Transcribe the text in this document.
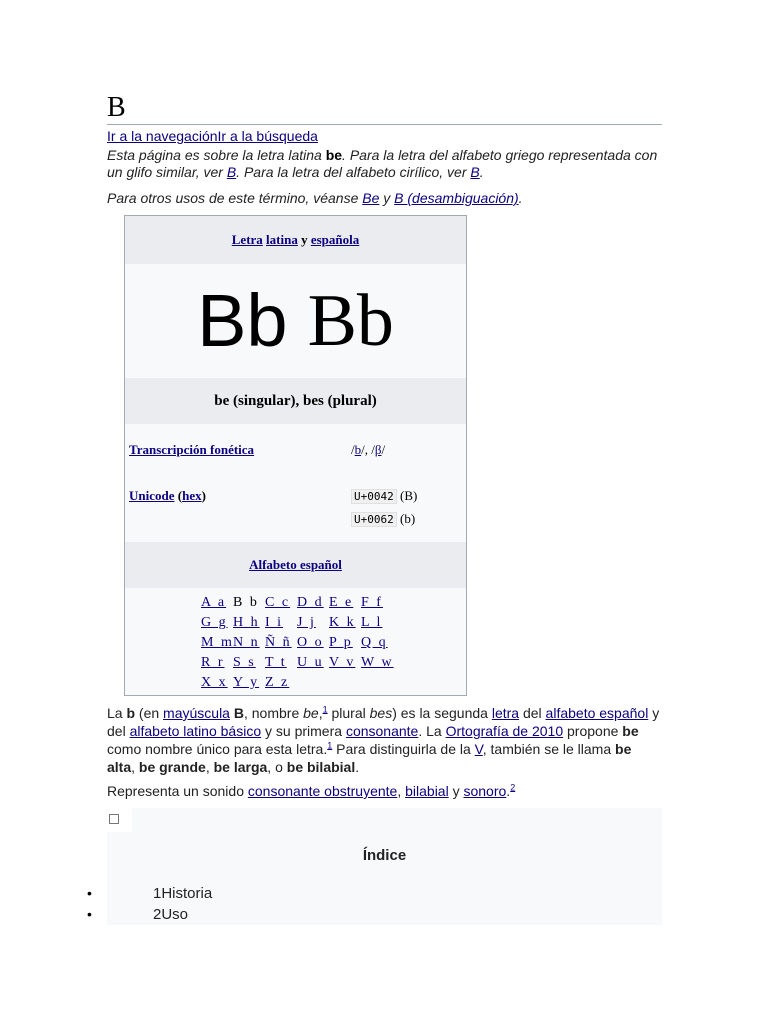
B
Ir a la navegaciónIr a la búsqueda
Esta página es sobre la letra latina be. Para la letra del alfabeto griego representada con un glifo similar, ver B. Para la letra del alfabeto cirílico, ver B.
Para otros usos de este término, véanse Be y B (desambiguación).
Letra
latina
y
española
Bb Bb
be (singular), bes (plural)
Transcripción fonética	/b/, /β/
Unicode (hex)	U+0042 (B)
U+0062 (b)
Alfabeto español
A a B b C c D d E e F f
G g H h I i J j K k L l
M m N n Ñ ñ O o P p Q q
R r S s T t U u V v W w
X x Y y Z z
La b (en mayúscula B, nombre be,$^1$ plural bes) es la segunda letra del alfabeto español y del alfabeto latino básico y su primera consonante. La Ortografía de 2010 propone be como nombre único para esta letra.$^1$ Para distinguirla de la V, también se le llama be alta, be grande, be larga, o be bilabial.
Representa un sonido consonante obstruyente, bilabial y sonoro.$^2$
Índice
•	1Historia
•	2Uso
